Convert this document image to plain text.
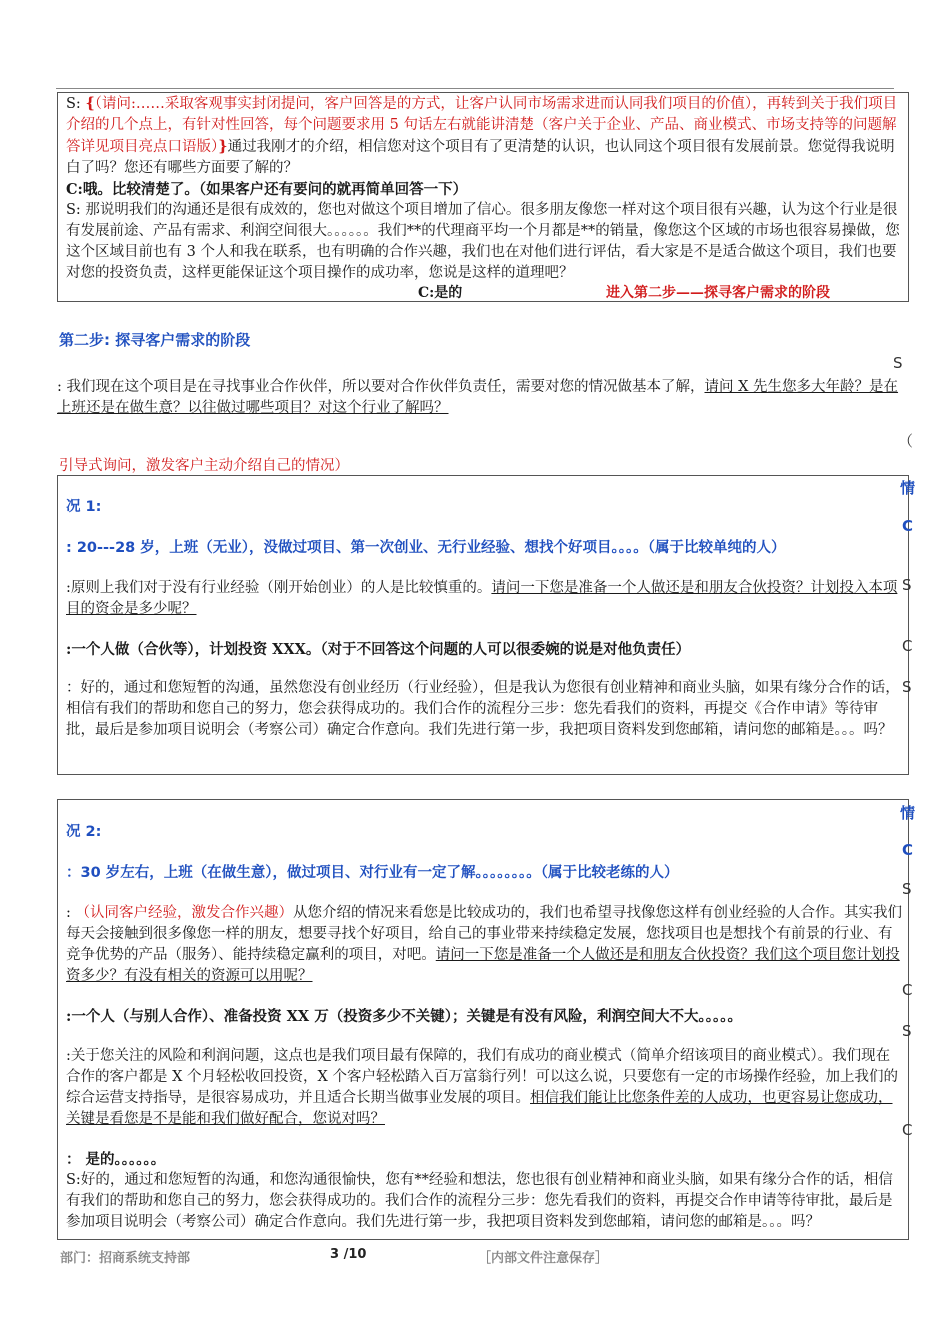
S: {（请问:……采取客观事实封闭提问，客户回答是的方式，让客户认同市场需求进而认同我们项目的价值），再转到关于我们项目介绍的几个点上，有针对性回答，每个问题要求用 5 句话左右就能讲清楚（客户关于企业、产品、商业模式、市场支持等的问题解答详见项目亮点口语版）}通过我刚才的介绍，相信您对这个项目有了更清楚的认识，也认同这个项目很有发展前景。您觉得我说明白了吗？您还有哪些方面要了解的？

C:哦。比较清楚了。（如果客户还有要问的就再简单回答一下）

S: 那说明我们的沟通还是很有成效的，您也对做这个项目增加了信心。很多朋友像您一样对这个项目很有兴趣，认为这个行业是很有发展前途、产品有需求、利润空间很大。。。。。。我们**的代理商平均一个月都是**的销量，像您这个区域的市场也很容易操做，您这个区域目前也有 3 个人和我在联系，也有明确的合作兴趣，我们也在对他们进行评估，看大家是不是适合做这个项目，我们也要对您的投资负责，这样更能保证这个项目操作的成功率，您说是这样的道理吧？

C:是的	进入第二步——探寻客户需求的阶段
第二步: 探寻客户需求的阶段
S

: 我们现在这个项目是在寻找事业合作伙伴，所以要对合作伙伴负责任，需要对您的情况做基本了解，请问 X 先生您多大年龄？是在上班还是在做生意？以往做过哪些项目？对这个行业了解吗？

（
引导式询问，激发客户主动介绍自己的情况）

况 1:

: 20---28 岁，上班（无业），没做过项目、第一次创业、无行业经验、想找个好项目。。。。（属于比较单纯的人）

:原则上我们对于没有行业经验（刚开始创业）的人是比较慎重的。请问一下您是准备一个人做还是和朋友合伙投资？计划投入本项目的资金是多少呢？

:一个人做（合伙等），计划投资 XXX。（对于不回答这个问题的人可以很委婉的说是对他负责任）

：好的，通过和您短暂的沟通，虽然您没有创业经历（行业经验），但是我认为您很有创业精神和商业头脑，如果有缘分合作的话，相信有我们的帮助和您自己的努力，您会获得成功的。我们合作的流程分三步：您先看我们的资料，再提交《合作申请》等待审批，最后是参加项目说明会（考察公司）确定合作意向。我们先进行第一步，我把项目资料发到您邮箱，请问您的邮箱是。。。吗？

情
C
S
C
S

况 2:

：30 岁左右，上班（在做生意），做过项目、对行业有一定了解。。。。。。。。（属于比较老练的人）

: （认同客户经验，激发合作兴趣）从您介绍的情况来看您是比较成功的，我们也希望寻找像您这样有创业经验的人合作。其实我们每天会接触到很多像您一样的朋友，想要寻找个好项目，给自己的事业带来持续稳定发展，您找项目也是想找个有前景的行业、有竞争优势的产品（服务）、能持续稳定赢利的项目，对吧。请问一下您是准备一个人做还是和朋友合伙投资？我们这个项目您计划投资多少？有没有相关的资源可以用呢？

:一个人（与别人合作）、准备投资 XX 万（投资多少不关键）；关键是有没有风险，利润空间大不大。。。。。

:关于您关注的风险和利润问题，这点也是我们项目最有保障的，我们有成功的商业模式（简单介绍该项目的商业模式）。我们现在合作的客户都是 X 个月轻松收回投资，X 个客户轻松踏入百万富翁行列！可以这么说，只要您有一定的市场操作经验，加上我们的综合运营支持指导，是很容易成功，并且适合长期当做事业发展的项目。相信我们能让比您条件差的人成功，也更容易让您成功，关键是看您是不是能和我们做好配合，您说对吗？

： 是的。。。。。。

S:好的，通过和您短暂的沟通，和您沟通很愉快，您有**经验和想法，您也很有创业精神和商业头脑，如果有缘分合作的话，相信有我们的帮助和您自己的努力，您会获得成功的。我们合作的流程分三步：您先看我们的资料，再提交合作申请等待审批，最后是参加项目说明会（考察公司）确定合作意向。我们先进行第一步，我把项目资料发到您邮箱，请问您的邮箱是。。。吗？

情
C
S
C
S
C
部门：招商系统支持部	3 /10	［内部文件注意保存］
